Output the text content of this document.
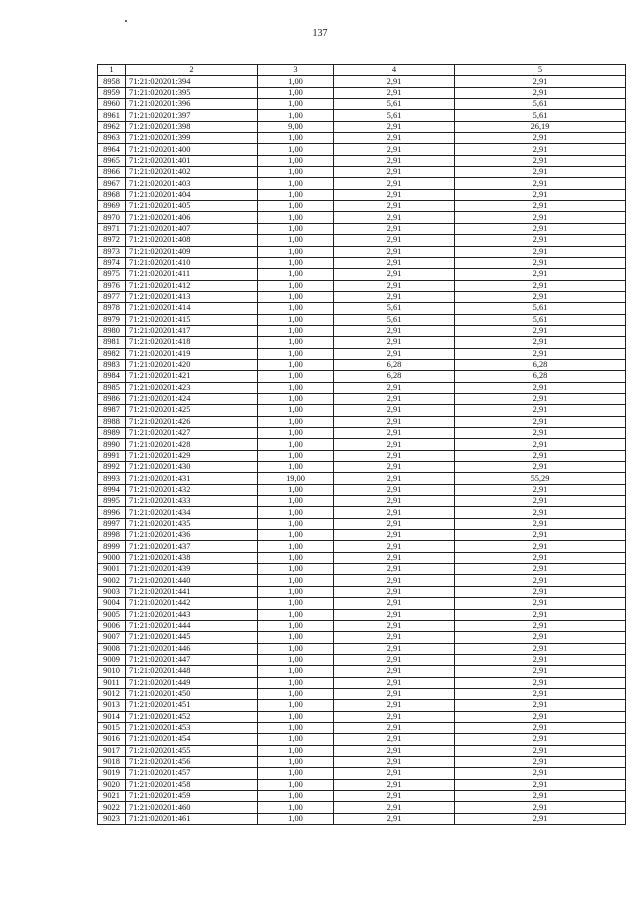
137
1	2	3	4	5
8958	71:21:020201:394	1,00	2,91	2,91
8959	71:21:020201:395	1,00	2,91	2,91
8960	71:21:020201:396	1,00	5,61	5,61
8961	71:21:020201:397	1,00	5,61	5,61
8962	71:21:020201:398	9,00	2,91	26,19
8963	71:21:020201:399	1,00	2,91	2,91
8964	71:21:020201:400	1,00	2,91	2,91
8965	71:21:020201:401	1,00	2,91	2,91
8966	71:21:020201:402	1,00	2,91	2,91
8967	71:21:020201:403	1,00	2,91	2,91
8968	71:21:020201:404	1,00	2,91	2,91
8969	71:21:020201:405	1,00	2,91	2,91
8970	71:21:020201:406	1,00	2,91	2,91
8971	71:21:020201:407	1,00	2,91	2,91
8972	71:21:020201:408	1,00	2,91	2,91
8973	71:21:020201:409	1,00	2,91	2,91
8974	71:21:020201:410	1,00	2,91	2,91
8975	71:21:020201:411	1,00	2,91	2,91
8976	71:21:020201:412	1,00	2,91	2,91
8977	71:21:020201:413	1,00	2,91	2,91
8978	71:21:020201:414	1,00	5,61	5,61
8979	71:21:020201:415	1,00	5,61	5,61
8980	71:21:020201:417	1,00	2,91	2,91
8981	71:21:020201:418	1,00	2,91	2,91
8982	71:21:020201:419	1,00	2,91	2,91
8983	71:21:020201:420	1,00	6,28	6,28
8984	71:21:020201:421	1,00	6,28	6,28
8985	71:21:020201:423	1,00	2,91	2,91
8986	71:21:020201:424	1,00	2,91	2,91
8987	71:21:020201:425	1,00	2,91	2,91
8988	71:21:020201:426	1,00	2,91	2,91
8989	71:21:020201:427	1,00	2,91	2,91
8990	71:21:020201:428	1,00	2,91	2,91
8991	71:21:020201:429	1,00	2,91	2,91
8992	71:21:020201:430	1,00	2,91	2,91
8993	71:21:020201:431	19,00	2,91	55,29
8994	71:21:020201:432	1,00	2,91	2,91
8995	71:21:020201:433	1,00	2,91	2,91
8996	71:21:020201:434	1,00	2,91	2,91
8997	71:21:020201:435	1,00	2,91	2,91
8998	71:21:020201:436	1,00	2,91	2,91
8999	71:21:020201:437	1,00	2,91	2,91
9000	71:21:020201:438	1,00	2,91	2,91
9001	71:21:020201:439	1,00	2,91	2,91
9002	71:21:020201:440	1,00	2,91	2,91
9003	71:21:020201:441	1,00	2,91	2,91
9004	71:21:020201:442	1,00	2,91	2,91
9005	71:21:020201:443	1,00	2,91	2,91
9006	71:21:020201:444	1,00	2,91	2,91
9007	71:21:020201:445	1,00	2,91	2,91
9008	71:21:020201:446	1,00	2,91	2,91
9009	71:21:020201:447	1,00	2,91	2,91
9010	71:21:020201:448	1,00	2,91	2,91
9011	71:21:020201:449	1,00	2,91	2,91
9012	71:21:020201:450	1,00	2,91	2,91
9013	71:21:020201:451	1,00	2,91	2,91
9014	71:21:020201:452	1,00	2,91	2,91
9015	71:21:020201:453	1,00	2,91	2,91
9016	71:21:020201:454	1,00	2,91	2,91
9017	71:21:020201:455	1,00	2,91	2,91
9018	71:21:020201:456	1,00	2,91	2,91
9019	71:21:020201:457	1,00	2,91	2,91
9020	71:21:020201:458	1,00	2,91	2,91
9021	71:21:020201:459	1,00	2,91	2,91
9022	71:21:020201:460	1,00	2,91	2,91
9023	71:21:020201:461	1,00	2,91	2,91
